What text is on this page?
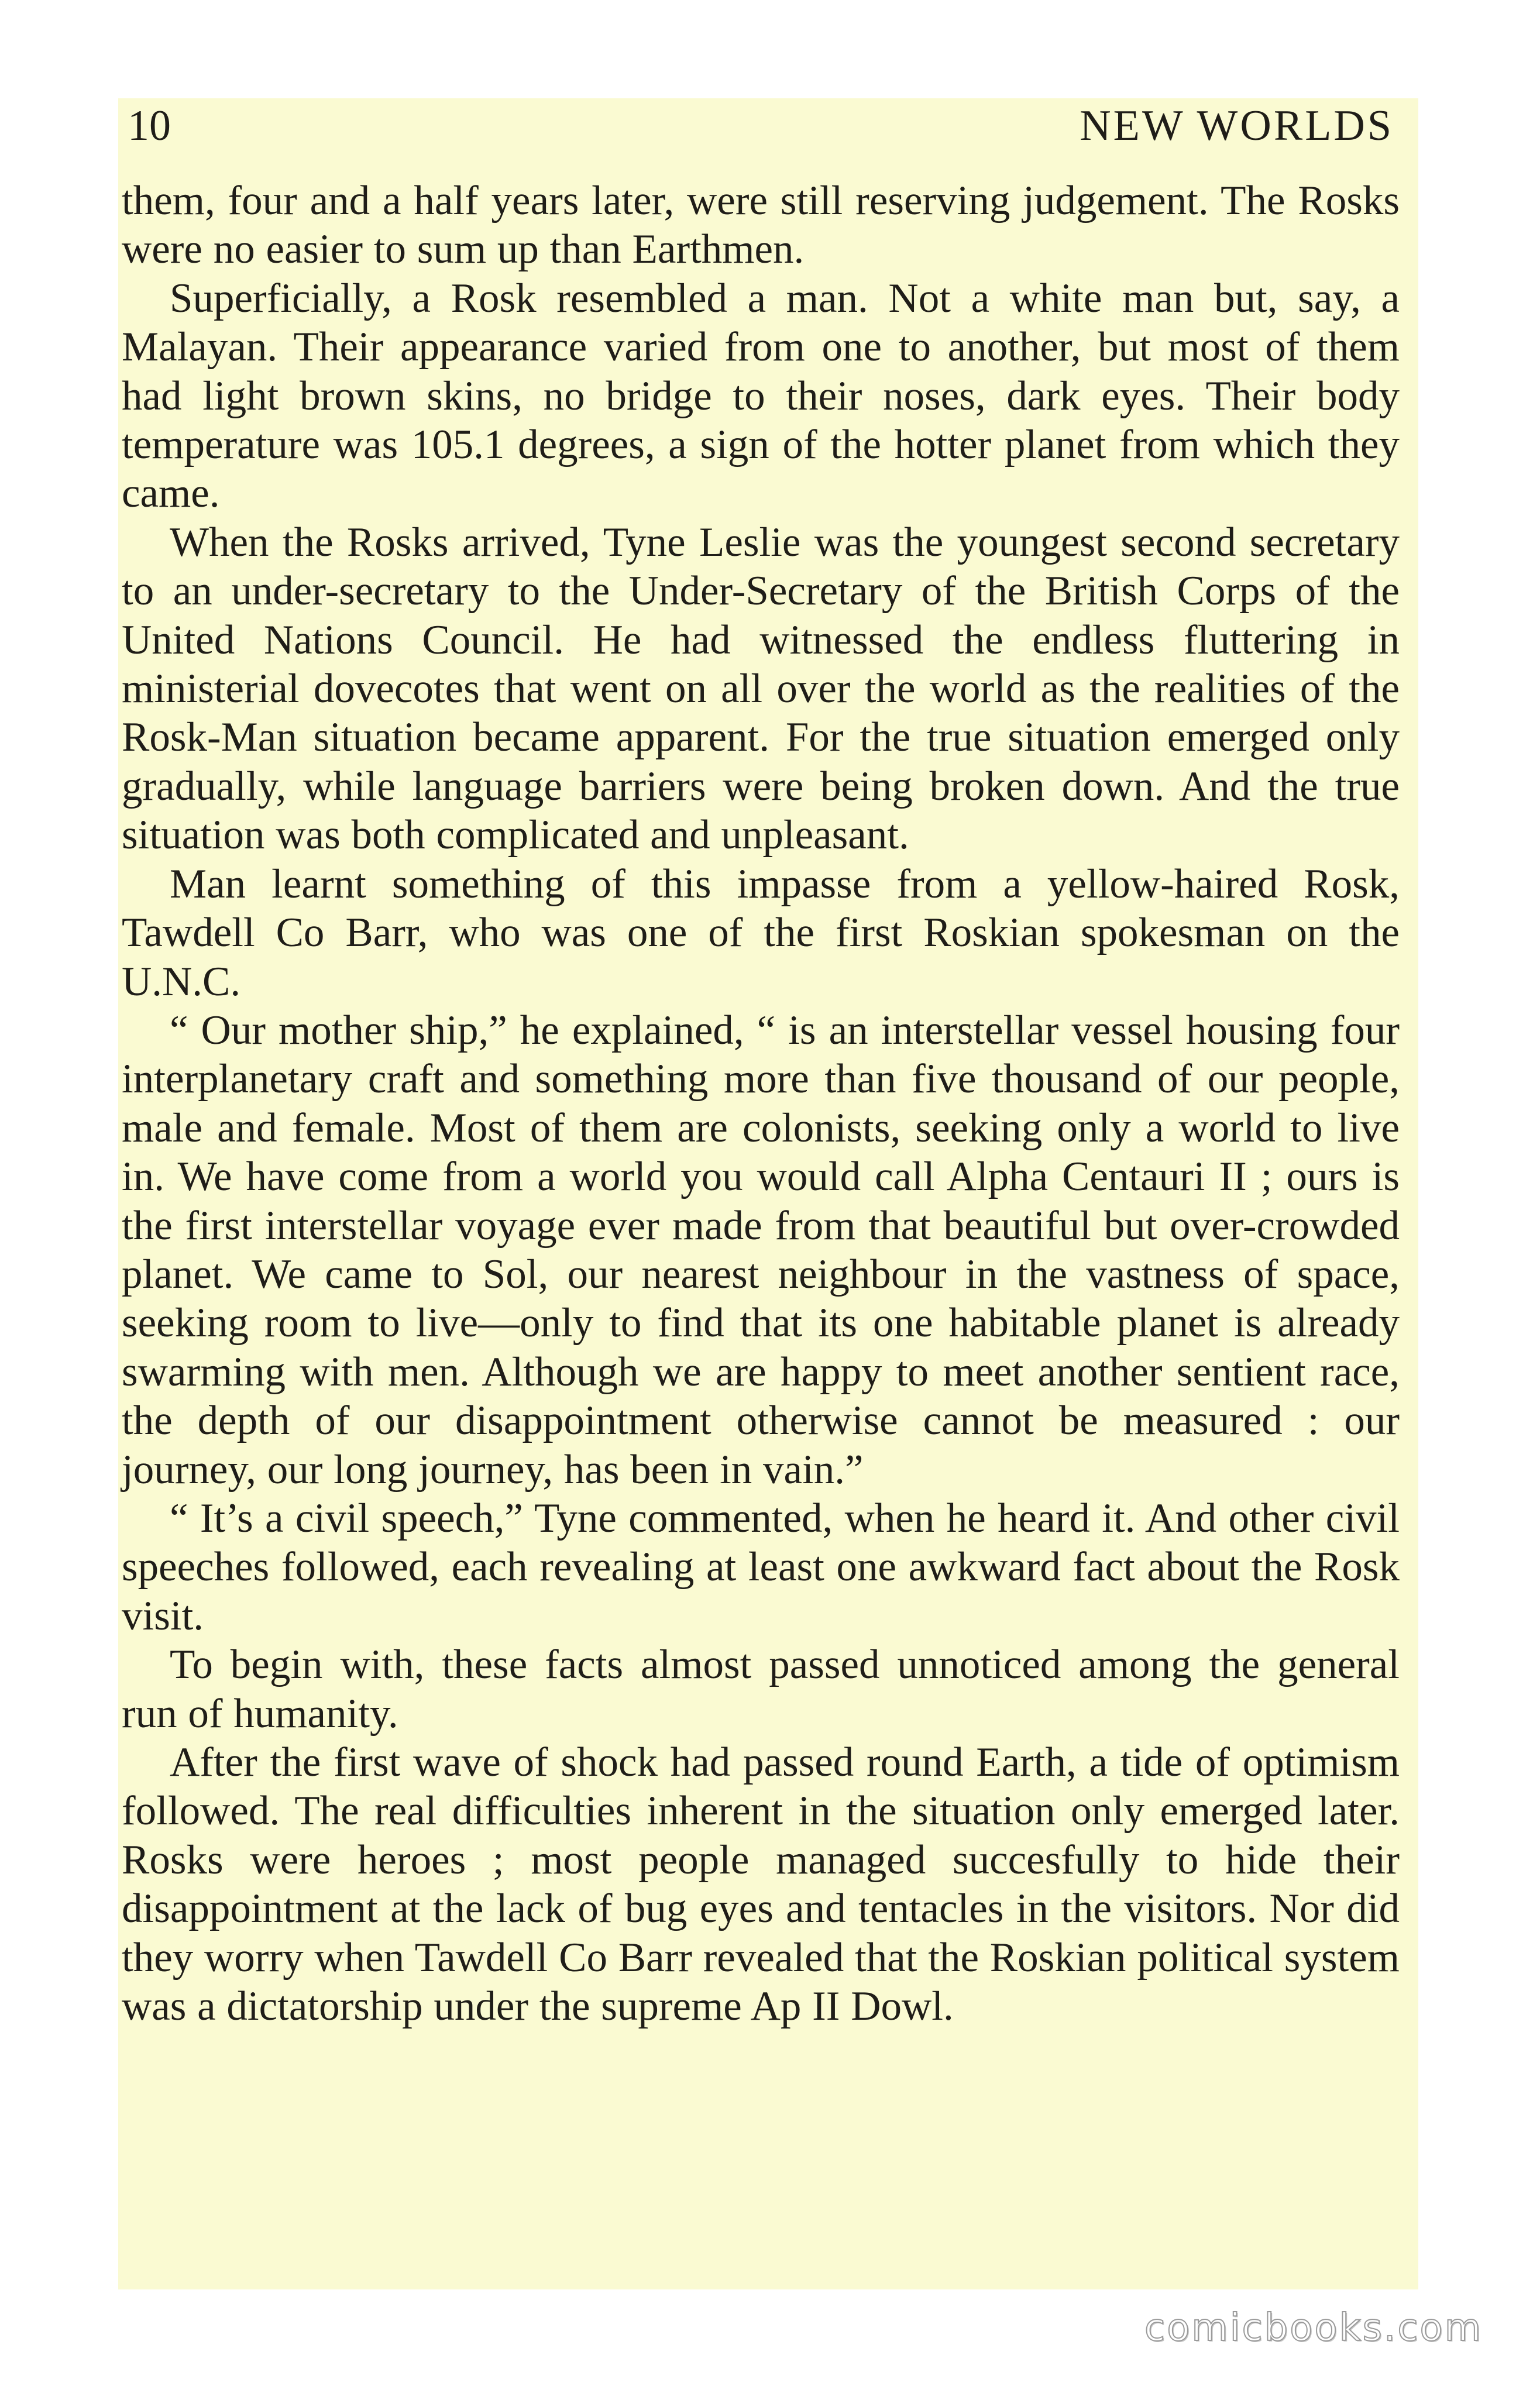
10	NEW WORLDS

them, four and a half years later, were still reserving judgement. The Rosks were no easier to sum up than Earthmen.

Superficially, a Rosk resembled a man. Not a white man but, say, a Malayan. Their appearance varied from one to another, but most of them had light brown skins, no bridge to their noses, dark eyes. Their body temperature was 105.1 degrees, a sign of the hotter planet from which they came.

When the Rosks arrived, Tyne Leslie was the youngest second secretary to an under-secretary to the Under-Secretary of the British Corps of the United Nations Council. He had witnessed the endless fluttering in ministerial dovecotes that went on all over the world as the realities of the Rosk-Man situation became apparent. For the true situation emerged only gradually, while language barriers were being broken down. And the true situation was both complicated and unpleasant.

Man learnt something of this impasse from a yellow-haired Rosk, Tawdell Co Barr, who was one of the first Roskian spokesman on the U.N.C.

“ Our mother ship,” he explained, “ is an interstellar vessel housing four interplanetary craft and something more than five thousand of our people, male and female. Most of them are colonists, seeking only a world to live in. We have come from a world you would call Alpha Centauri II ; ours is the first interstellar voyage ever made from that beautiful but over-crowded planet. We came to Sol, our nearest neighbour in the vastness of space, seeking room to live—only to find that its one habitable planet is already swarming with men. Although we are happy to meet another sentient race, the depth of our disappointment otherwise cannot be measured : our journey, our long journey, has been in vain.”

“ It’s a civil speech,” Tyne commented, when he heard it. And other civil speeches followed, each revealing at least one awkward fact about the Rosk visit.

To begin with, these facts almost passed unnoticed among the general run of humanity.

After the first wave of shock had passed round Earth, a tide of optimism followed. The real difficulties inherent in the situation only emerged later. Rosks were heroes ; most people managed succesfully to hide their disappointment at the lack of bug eyes and tentacles in the visitors. Nor did they worry when Tawdell Co Barr revealed that the Roskian political system was a dictatorship under the supreme Ap II Dowl.

comicbooks.com
